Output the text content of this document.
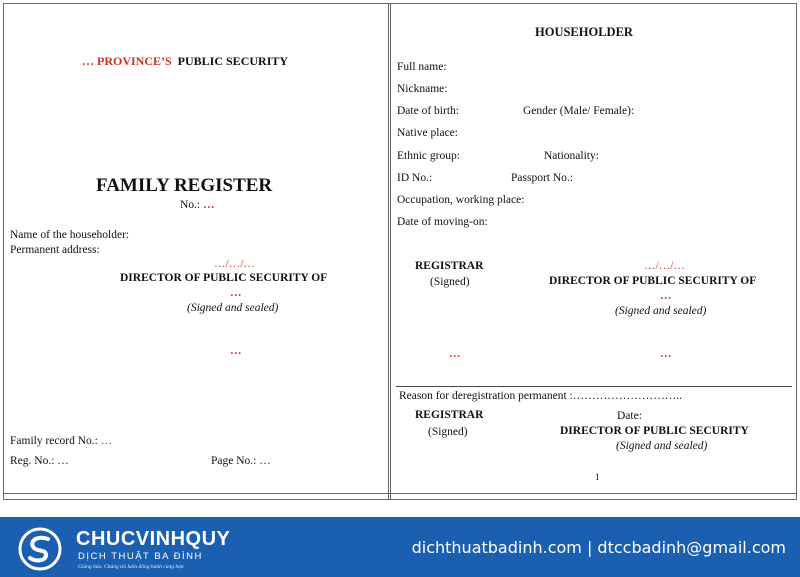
… PROVINCE’S PUBLIC SECURITY
FAMILY REGISTER
No.: …
Name of the householder:
Permanent address:
…/…/…
DIRECTOR OF PUBLIC SECURITY OF
…
(Signed and sealed)
…
Family record No.: …
Reg. No.: …	Page No.: …
HOUSEHOLDER
Full name:
Nickname:
Date of birth:	Gender (Male/ Female):
Native place:
Ethnic group:	Nationality:
ID No.:	Passport No.:
Occupation, working place:
Date of moving-on:
REGISTRAR
(Signed)
…/…/…
DIRECTOR OF PUBLIC SECURITY OF
…
(Signed and sealed)
…	…
Reason for deregistration permanent :………………………..
REGISTRAR
(Signed)
Date:
DIRECTOR OF PUBLIC SECURITY
(Signed and sealed)
1
CHUCVINHQUY
DỊCH THUẬT BA ĐÌNH
Giảng bảo. Chúng tôi luôn đồng hành cùng bạn
dichthuatbadinh.com | dtccbadinh@gmail.com
